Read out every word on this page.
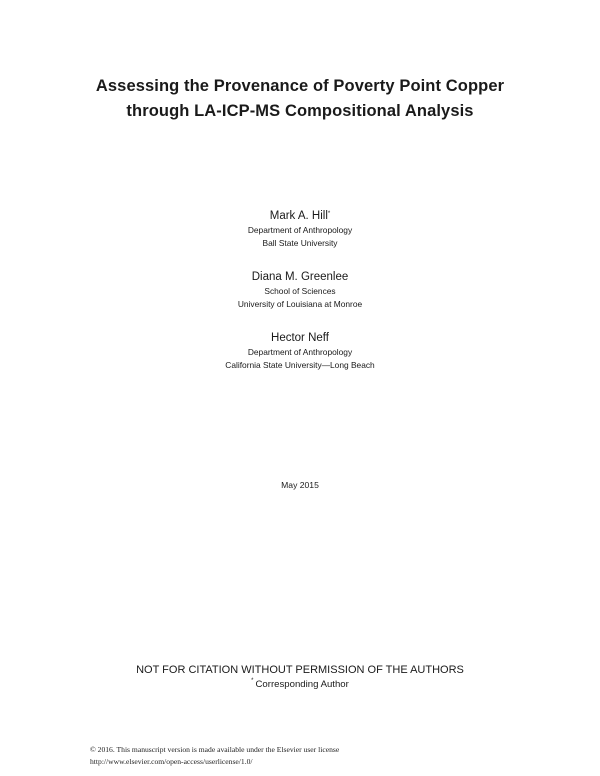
Assessing the Provenance of Poverty Point Copper
through LA-ICP-MS Compositional Analysis
Mark A. Hill*
Department of Anthropology
Ball State University
Diana M. Greenlee
School of Sciences
University of Louisiana at Monroe
Hector Neff
Department of Anthropology
California State University—Long Beach
May 2015
NOT FOR CITATION WITHOUT PERMISSION OF THE AUTHORS
* Corresponding Author
© 2016. This manuscript version is made available under the Elsevier user license
http://www.elsevier.com/open-access/userlicense/1.0/
